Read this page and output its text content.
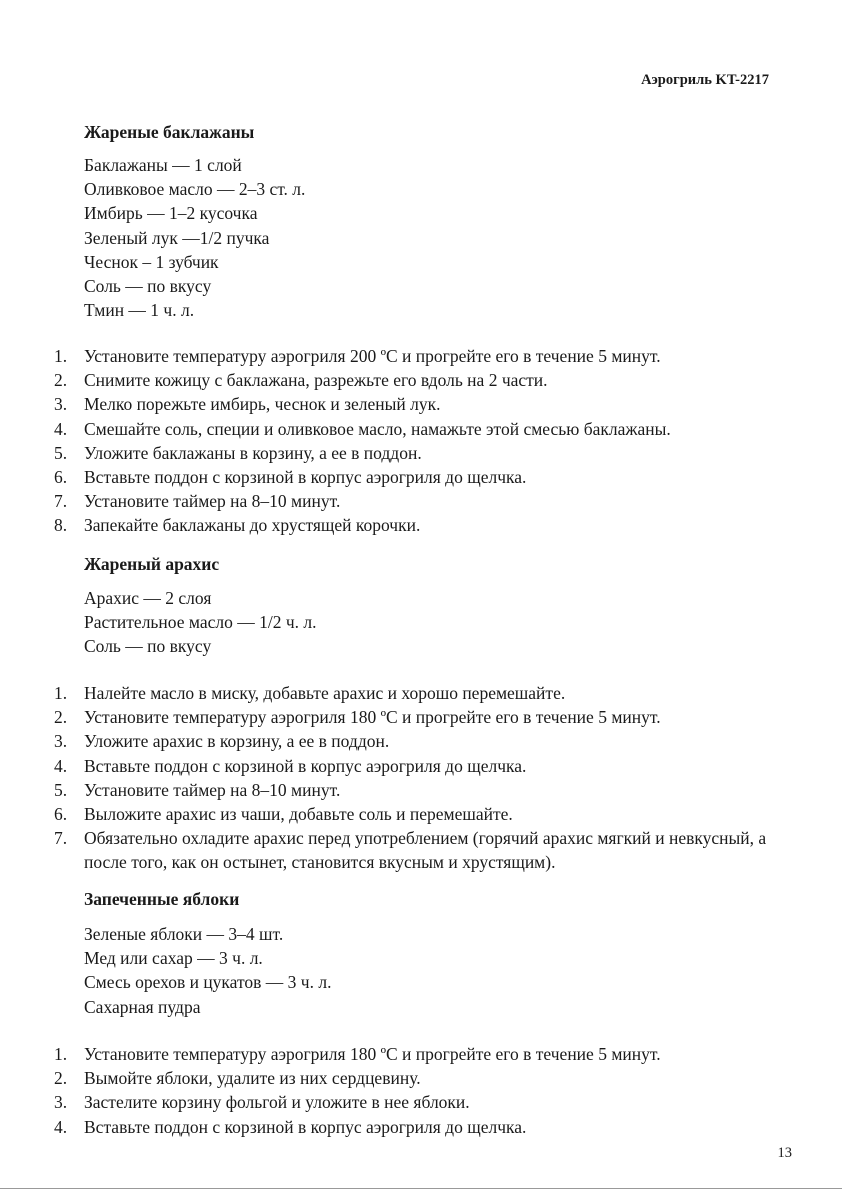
Аэрогриль KT-2217
Жареные баклажаны
Баклажаны — 1 слой
Оливковое масло — 2–3 ст. л.
Имбирь — 1–2 кусочка
Зеленый лук —1/2 пучка
Чеснок – 1 зубчик
Соль — по вкусу
Тмин — 1 ч. л.
1. Установите температуру аэрогриля 200 ºС и прогрейте его в течение 5 минут.
2. Снимите кожицу с баклажана, разрежьте его вдоль на 2 части.
3. Мелко порежьте имбирь, чеснок и зеленый лук.
4. Смешайте соль, специи и оливковое масло, намажьте этой смесью баклажаны.
5. Уложите баклажаны в корзину, а ее в поддон.
6. Вставьте поддон с корзиной в корпус аэрогриля до щелчка.
7. Установите таймер на 8–10 минут.
8. Запекайте баклажаны до хрустящей корочки.
Жареный арахис
Арахис — 2 слоя
Растительное масло — 1/2 ч. л.
Соль — по вкусу
1. Налейте масло в миску, добавьте арахис и хорошо перемешайте.
2. Установите температуру аэрогриля 180 ºС и прогрейте его в течение 5 минут.
3. Уложите арахис в корзину, а ее в поддон.
4. Вставьте поддон с корзиной в корпус аэрогриля до щелчка.
5. Установите таймер на 8–10 минут.
6. Выложите арахис из чаши, добавьте соль и перемешайте.
7. Обязательно охладите арахис перед употреблением (горячий арахис мягкий и невкусный, а после того, как он остынет, становится вкусным и хрустящим).
Запеченные яблоки
Зеленые яблоки — 3–4 шт.
Мед или сахар — 3 ч. л.
Смесь орехов и цукатов — 3 ч. л.
Сахарная пудра
1. Установите температуру аэрогриля 180 ºС и прогрейте его в течение 5 минут.
2. Вымойте яблоки, удалите из них сердцевину.
3. Застелите корзину фольгой и уложите в нее яблоки.
4. Вставьте поддон с корзиной в корпус аэрогриля до щелчка.
13
